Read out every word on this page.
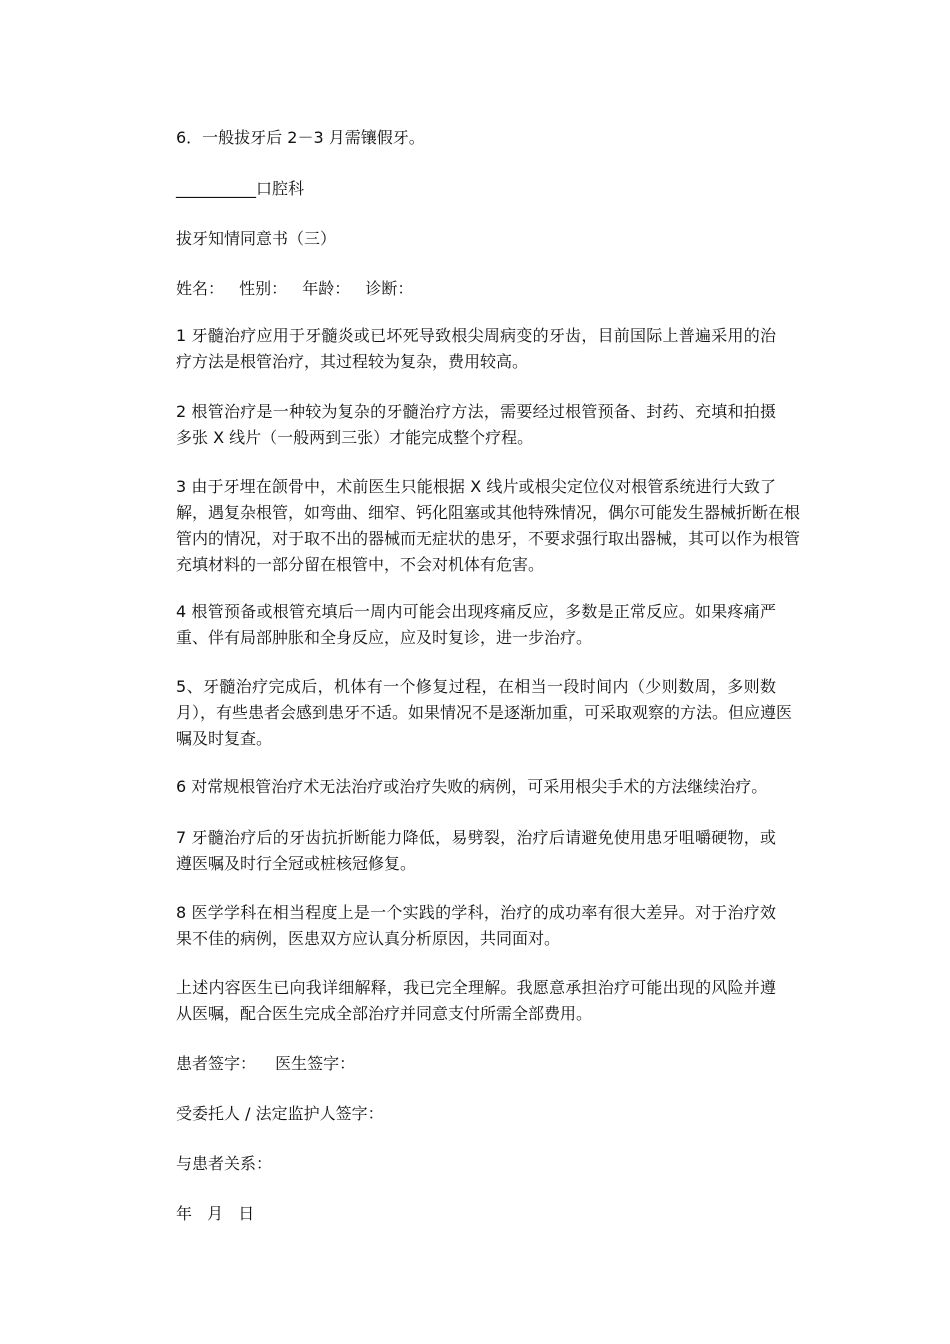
6．一般拔牙后 2－3 月需镶假牙。
__________口腔科
拔牙知情同意书（三）
姓名： 性别： 年龄： 诊断：
1 牙髓治疗应用于牙髓炎或已坏死导致根尖周病变的牙齿，目前国际上普遍采用的治
疗方法是根管治疗，其过程较为复杂，费用较高。
2 根管治疗是一种较为复杂的牙髓治疗方法，需要经过根管预备、封药、充填和拍摄
多张 X 线片（一般两到三张）才能完成整个疗程。
3 由于牙埋在颌骨中，术前医生只能根据 X 线片或根尖定位仪对根管系统进行大致了
解，遇复杂根管，如弯曲、细窄、钙化阻塞或其他特殊情况，偶尔可能发生器械折断在根
管内的情况，对于取不出的器械而无症状的患牙，不要求强行取出器械，其可以作为根管
充填材料的一部分留在根管中，不会对机体有危害。
4 根管预备或根管充填后一周内可能会出现疼痛反应，多数是正常反应。如果疼痛严
重、伴有局部肿胀和全身反应，应及时复诊，进一步治疗。
5、牙髓治疗完成后，机体有一个修复过程，在相当一段时间内（少则数周，多则数
月），有些患者会感到患牙不适。如果情况不是逐渐加重，可采取观察的方法。但应遵医
嘱及时复查。
6 对常规根管治疗术无法治疗或治疗失败的病例，可采用根尖手术的方法继续治疗。
7 牙髓治疗后的牙齿抗折断能力降低，易劈裂，治疗后请避免使用患牙咀嚼硬物，或
遵医嘱及时行全冠或桩核冠修复。
8 医学学科在相当程度上是一个实践的学科，治疗的成功率有很大差异。对于治疗效
果不佳的病例，医患双方应认真分析原因，共同面对。
上述内容医生已向我详细解释，我已完全理解。我愿意承担治疗可能出现的风险并遵
从医嘱，配合医生完成全部治疗并同意支付所需全部费用。
患者签字： 医生签字：
受委托人 / 法定监护人签字：
与患者关系：
年 月 日
